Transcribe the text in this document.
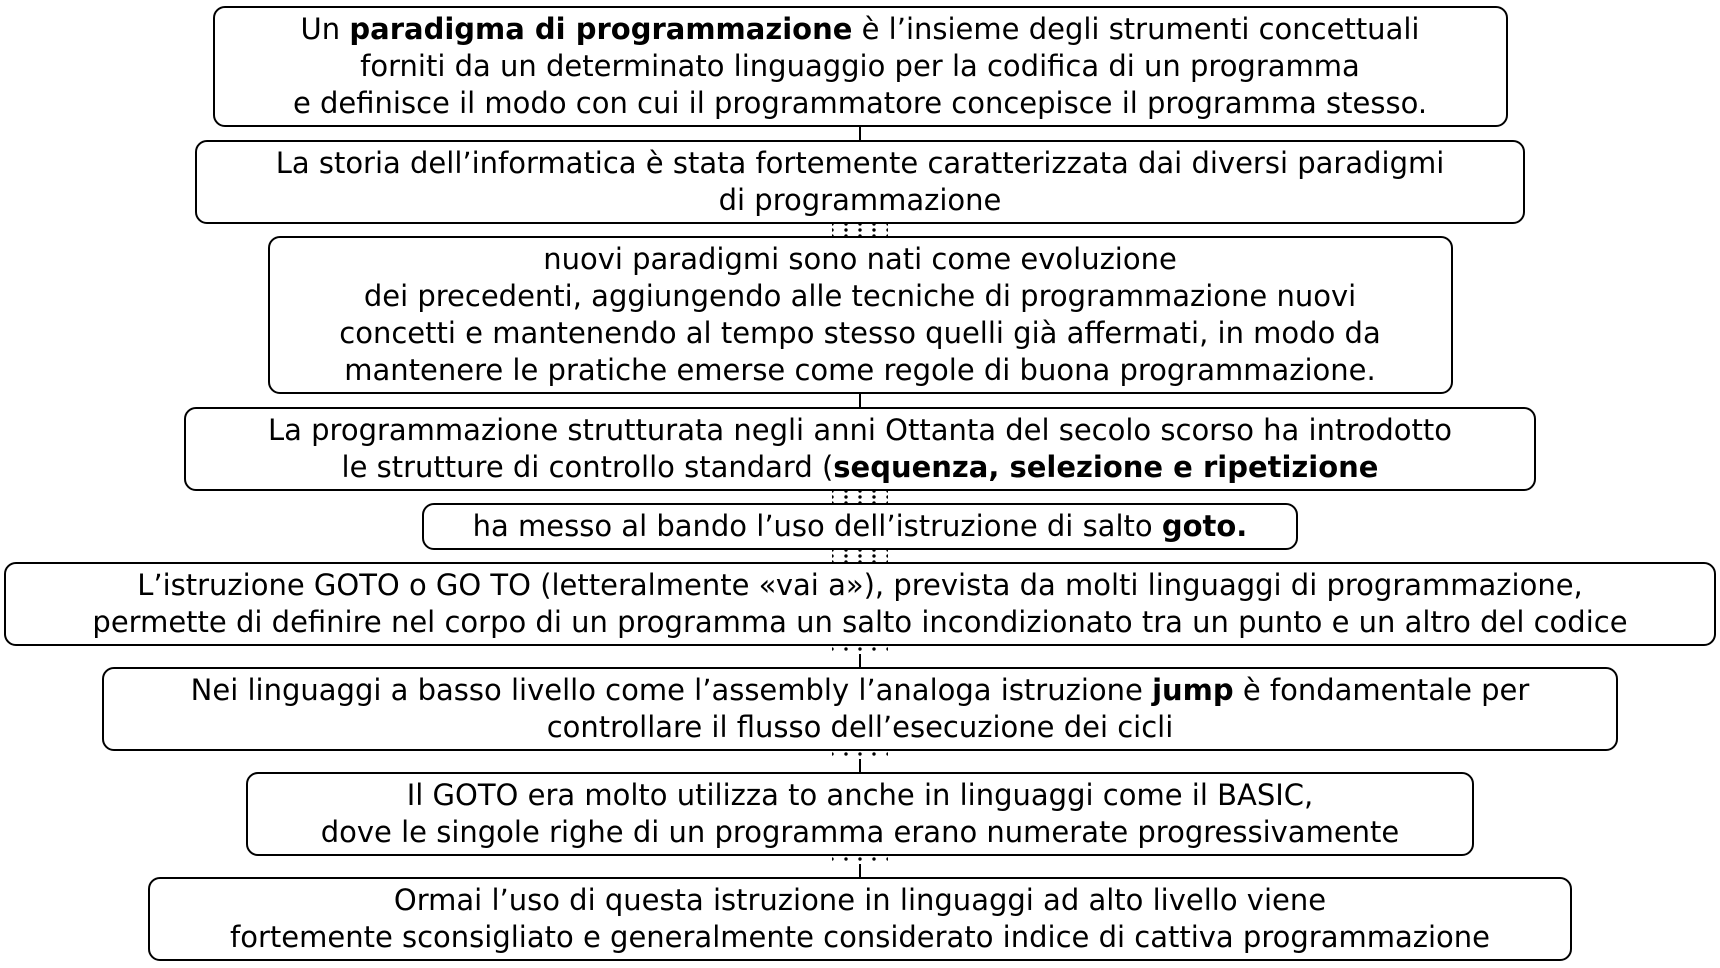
Un paradigma di programmazione è l’insieme degli strumenti concettuali
forniti da un determinato linguaggio per la codifica di un programma
e definisce il modo con cui il programmatore concepisce il programma stesso.
La storia dell’informatica è stata fortemente caratterizzata dai diversi paradigmi
di programmazione
nuovi paradigmi sono nati come evoluzione
dei precedenti, aggiungendo alle tecniche di programmazione nuovi
concetti e mantenendo al tempo stesso quelli già affermati, in modo da
mantenere le pratiche emerse come regole di buona programmazione.
La programmazione strutturata negli anni Ottanta del secolo scorso ha introdotto
le strutture di controllo standard (sequenza, selezione e ripetizione
ha messo al bando l’uso dell’istruzione di salto goto.
L’istruzione GOTO o GO TO (letteralmente «vai a»), prevista da molti linguaggi di programmazione,
permette di definire nel corpo di un programma un salto incondizionato tra un punto e un altro del codice
Nei linguaggi a basso livello come l’assembly l’analoga istruzione jump è fondamentale per
controllare il flusso dell’esecuzione dei cicli
Il GOTO era molto utilizza to anche in linguaggi come il BASIC,
dove le singole righe di un programma erano numerate progressivamente
Ormai l’uso di questa istruzione in linguaggi ad alto livello viene
fortemente sconsigliato e generalmente considerato indice di cattiva programmazione
